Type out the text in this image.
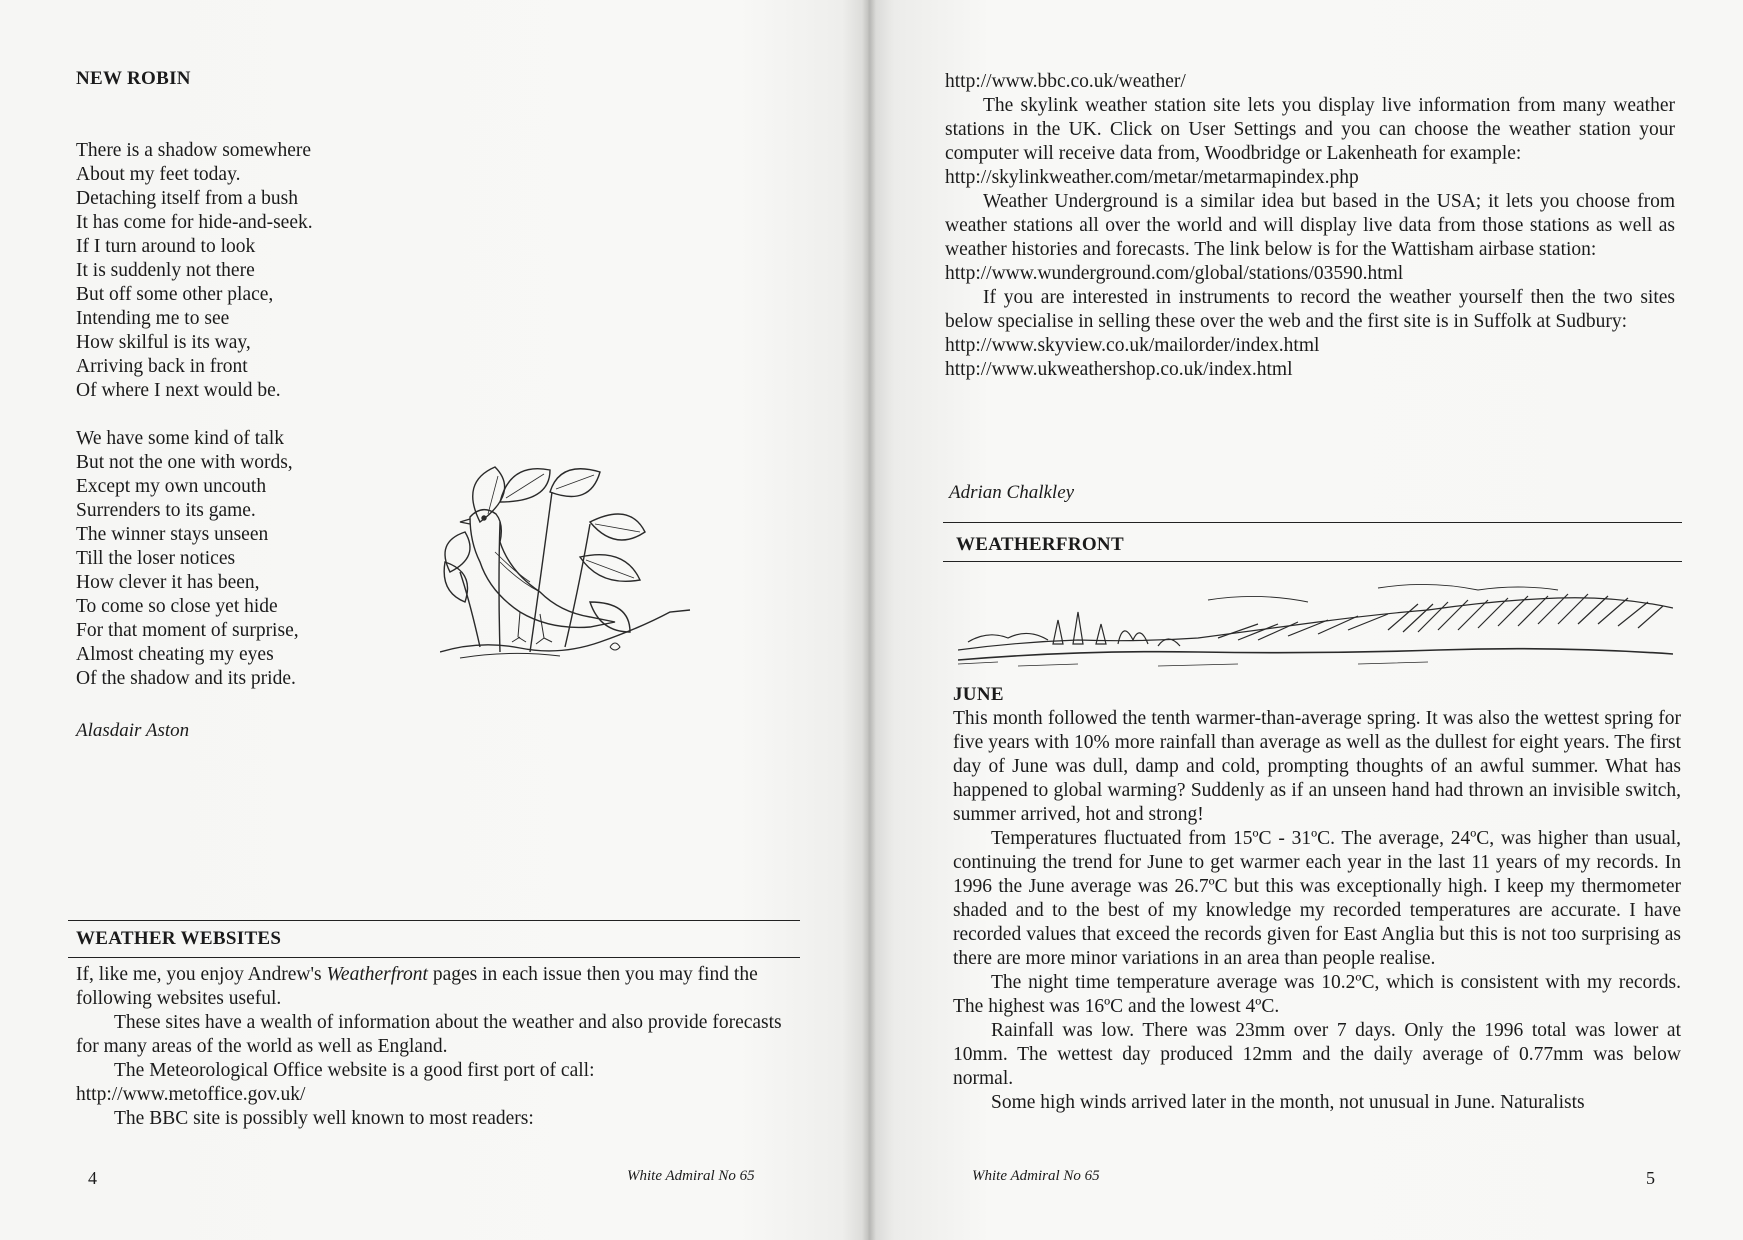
NEW ROBIN
There is a shadow somewhere
About my feet today.
Detaching itself from a bush
It has come for hide-and-seek.
If I turn around to look
It is suddenly not there
But off some other place,
Intending me to see
How skilful is its way,
Arriving back in front
Of where I next would be.
We have some kind of talk
But not the one with words,
Except my own uncouth
Surrenders to its game.
The winner stays unseen
Till the loser notices
How clever it has been,
To come so close yet hide
For that moment of surprise,
Almost cheating my eyes
Of the shadow and its pride.
Alasdair Aston
WEATHER WEBSITES

If, like me, you enjoy Andrew's Weatherfront pages in each issue then you may find the following websites useful.

These sites have a wealth of information about the weather and also provide forecasts for many areas of the world as well as England.

The Meteorological Office website is a good first port of call:

http://www.metoffice.gov.uk/

The BBC site is possibly well known to most readers:

4	White Admiral No 65

http://www.bbc.co.uk/weather/

The skylink weather station site lets you display live information from many weather stations in the UK. Click on User Settings and you can choose the weather station your computer will receive data from, Woodbridge or Lakenheath for example:

http://skylinkweather.com/metar/metarmapindex.php

Weather Underground is a similar idea but based in the USA; it lets you choose from weather stations all over the world and will display live data from those stations as well as weather histories and forecasts. The link below is for the Wattisham airbase station:

http://www.wunderground.com/global/stations/03590.html

If you are interested in instruments to record the weather yourself then the two sites below specialise in selling these over the web and the first site is in Suffolk at Sudbury:

http://www.skyview.co.uk/mailorder/index.html

http://www.ukweathershop.co.uk/index.html

Adrian Chalkley
WEATHERFRONT
JUNE

This month followed the tenth warmer-than-average spring. It was also the wettest spring for five years with 10% more rainfall than average as well as the dullest for eight years. The first day of June was dull, damp and cold, prompting thoughts of an awful summer. What has happened to global warming? Suddenly as if an unseen hand had thrown an invisible switch, summer arrived, hot and strong!

Temperatures fluctuated from 15ºC - 31ºC. The average, 24ºC, was higher than usual, continuing the trend for June to get warmer each year in the last 11 years of my records. In 1996 the June average was 26.7ºC but this was exceptionally high. I keep my thermometer shaded and to the best of my knowledge my recorded temperatures are accurate. I have recorded values that exceed the records given for East Anglia but this is not too surprising as there are more minor variations in an area than people realise.

The night time temperature average was 10.2ºC, which is consistent with my records. The highest was 16ºC and the lowest 4ºC.

Rainfall was low. There was 23mm over 7 days. Only the 1996 total was lower at 10mm. The wettest day produced 12mm and the daily average of 0.77mm was below normal.

Some high winds arrived later in the month, not unusual in June. Naturalists

White Admiral No 65	5
